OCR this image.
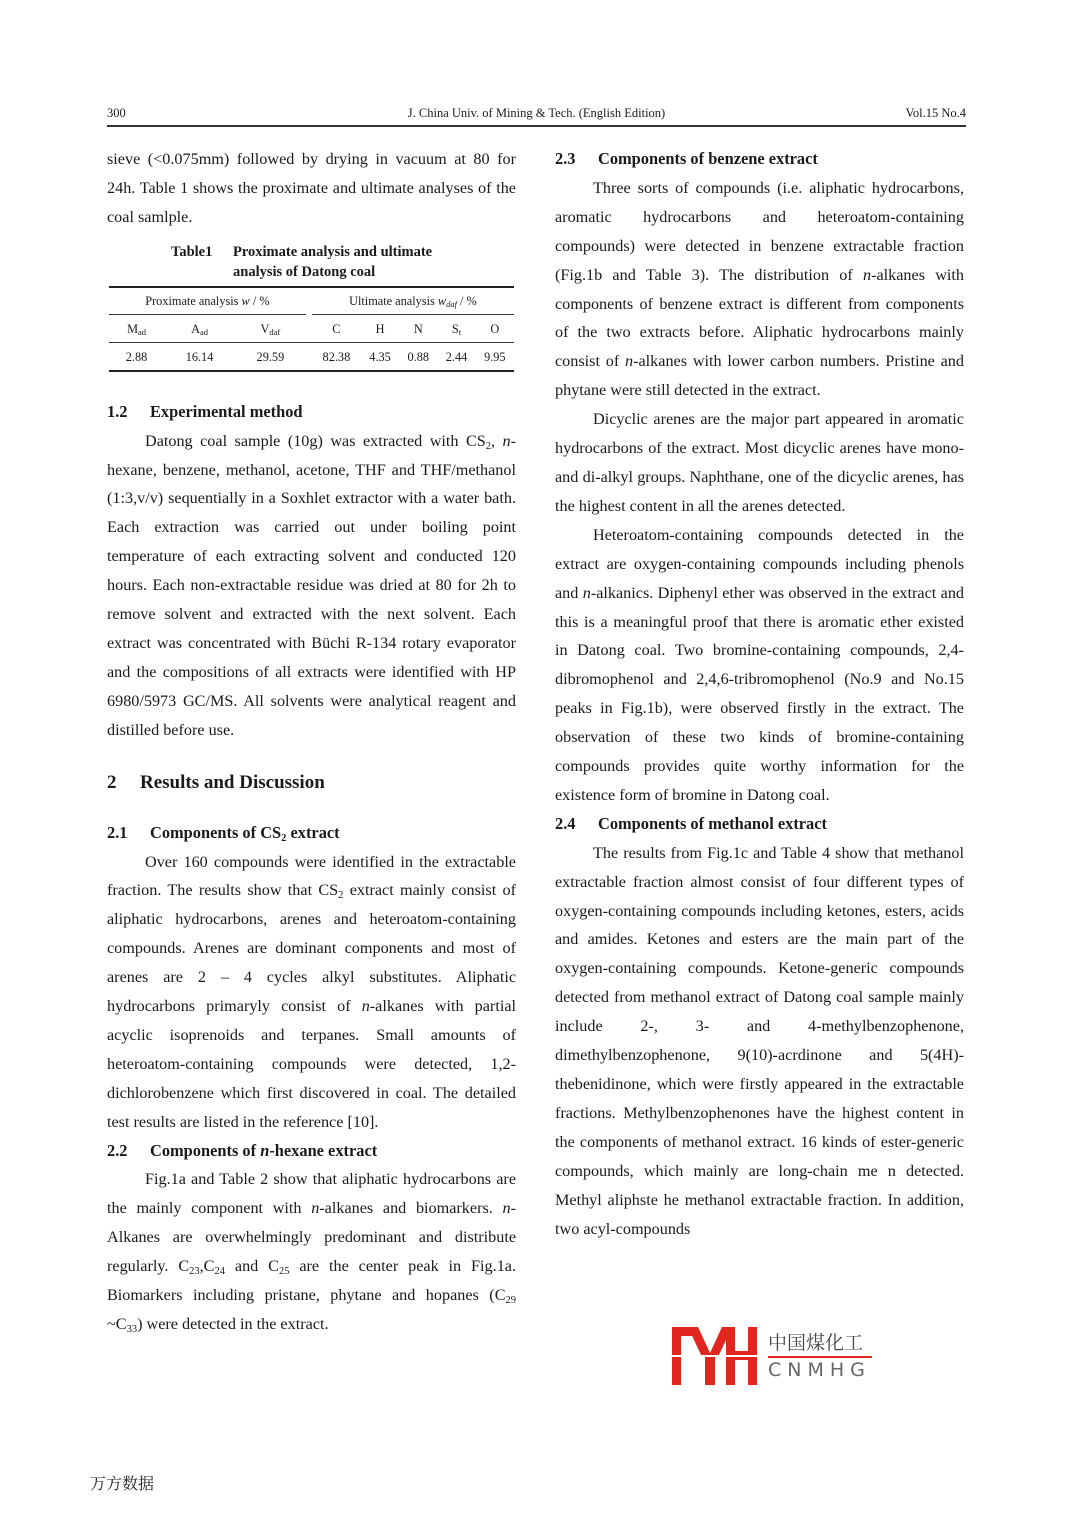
300	J. China Univ. of Mining & Tech. (English Edition)	Vol.15 No.4

sieve (<0.075mm) followed by drying in vacuum at 80 for 24h. Table 1 shows the proximate and ultimate analyses of the coal samlple.

Table1 Proximate analysis and ultimate
analysis of Datong coal
Proximate analysis w / %				Ultimate analysis $w_{daf}$ / %				
$M_{ad}$	$A_{ad}$	$V_{daf}$		C	H	N	$S_t$	O
2.88	16.14	29.59		82.38	4.35	0.88	2.44	9.95
1.2 Experimental method

Datong coal sample (10g) was extracted with $CS_2$, n-hexane, benzene, methanol, acetone, THF and THF/methanol (1:3,v/v) sequentially in a Soxhlet extractor with a water bath. Each extraction was carried out under boiling point temperature of each extracting solvent and conducted 120 hours. Each non-extractable residue was dried at 80 for 2h to remove solvent and extracted with the next solvent. Each extract was concentrated with Büchi R-134 rotary evaporator and the compositions of all extracts were identified with HP 6980/5973 GC/MS. All solvents were analytical reagent and distilled before use.

2 Results and Discussion
2.1 Components of $CS_2$ extract

Over 160 compounds were identified in the extractable fraction. The results show that $CS_2$ extract mainly consist of aliphatic hydrocarbons, arenes and heteroatom-containing compounds. Arenes are dominant components and most of arenes are 2 – 4 cycles alkyl substitutes. Aliphatic hydrocarbons primaryly consist of n-alkanes with partial acyclic isoprenoids and terpanes. Small amounts of heteroatom-containing compounds were detected, 1,2-dichlorobenzene which first discovered in coal. The detailed test results are listed in the reference [10].

2.2 Components of n-hexane extract

Fig.1a and Table 2 show that aliphatic hydrocarbons are the mainly component with n-alkanes and biomarkers. n-Alkanes are overwhelmingly predominant and distribute regularly. $C_{23},C_{24}$ and $C_{25}$ are the center peak in Fig.1a. Biomarkers including pristane, phytane and hopanes ($C_{29}$ $\sim C_{33}$) were detected in the extract.

2.3 Components of benzene extract

Three sorts of compounds (i.e. aliphatic hydrocarbons, aromatic hydrocarbons and heteroatom-containing compounds) were detected in benzene extractable fraction (Fig.1b and Table 3). The distribution of n-alkanes with components of benzene extract is different from components of the two extracts before. Aliphatic hydrocarbons mainly consist of n-alkanes with lower carbon numbers. Pristine and phytane were still detected in the extract.

Dicyclic arenes are the major part appeared in aromatic hydrocarbons of the extract. Most dicyclic arenes have mono- and di-alkyl groups. Naphthane, one of the dicyclic arenes, has the highest content in all the arenes detected.

Heteroatom-containing compounds detected in the extract are oxygen-containing compounds including phenols and n-alkanics. Diphenyl ether was observed in the extract and this is a meaningful proof that there is aromatic ether existed in Datong coal. Two bromine-containing compounds, 2,4-dibromophenol and 2,4,6-tribromophenol (No.9 and No.15 peaks in Fig.1b), were observed firstly in the extract. The observation of these two kinds of bromine-containing compounds provides quite worthy information for the existence form of bromine in Datong coal.

2.4 Components of methanol extract

The results from Fig.1c and Table 4 show that methanol extractable fraction almost consist of four different types of oxygen-containing compounds including ketones, esters, acids and amides. Ketones and esters are the main part of the oxygen-containing compounds. Ketone-generic compounds detected from methanol extract of Datong coal sample mainly include 2-, 3- and 4-methylbenzophenone, dimethylbenzophenone, 9(10)-acrdinone and 5(4H)-thebenidinone, which were firstly appeared in the extractable fractions. Methylbenzophenones have the highest content in the components of methanol extract. 16 kinds of ester-generic compounds, which mainly are long-chain me n detected. Methyl aliphste he methanol extractable fraction. In addition, two acyl-compounds

中国煤化工
CNMHG
万方数据
